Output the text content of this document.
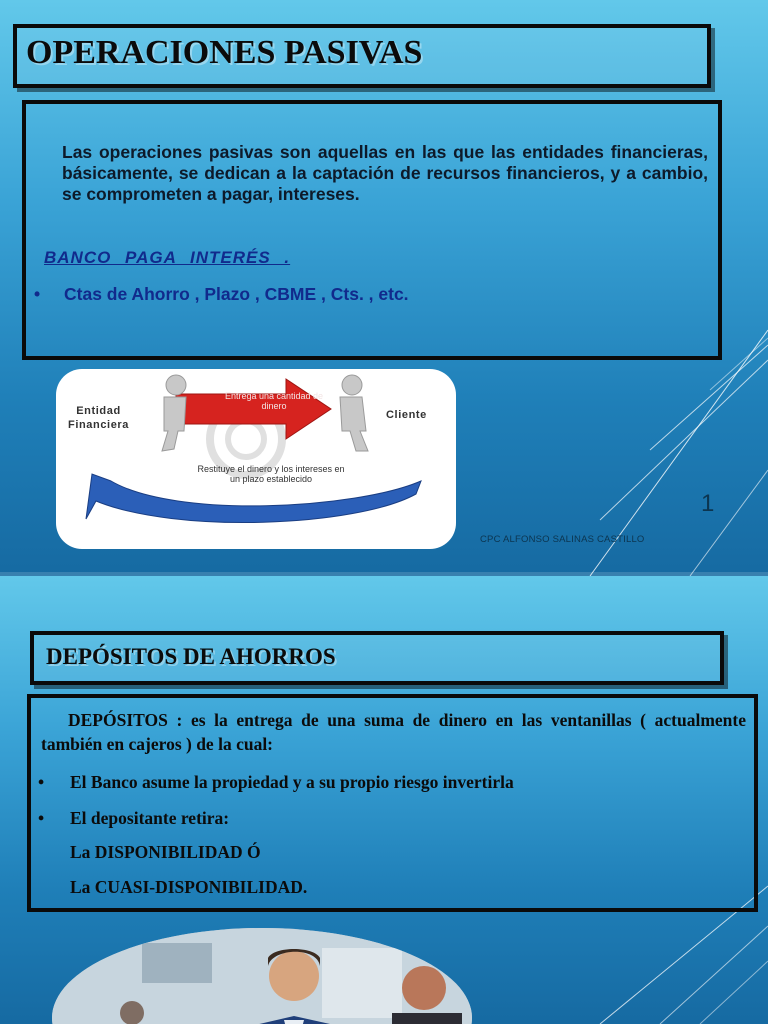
OPERACIONES PASIVAS
Las operaciones pasivas son aquellas en las que las entidades financieras, básicamente, se dedican a la captación de recursos financieros, y a cambio, se comprometen a pagar, intereses.
BANCO PAGA INTERÉS .
• Ctas de Ahorro , Plazo , CBME , Cts. , etc.
Entidad
Financiera
Cliente
Entrega una cantidad de dinero
Restituye el dinero y los intereses en un plazo establecido
1
CPC ALFONSO SALINAS CASTILLO
DEPÓSITOS DE AHORROS
DEPÓSITOS : es la entrega de una suma de dinero en las ventanillas ( actualmente también en cajeros ) de la cual:
• El Banco asume la propiedad y a su propio riesgo invertirla
• El depositante retira:
La DISPONIBILIDAD Ó
La CUASI-DISPONIBILIDAD.
